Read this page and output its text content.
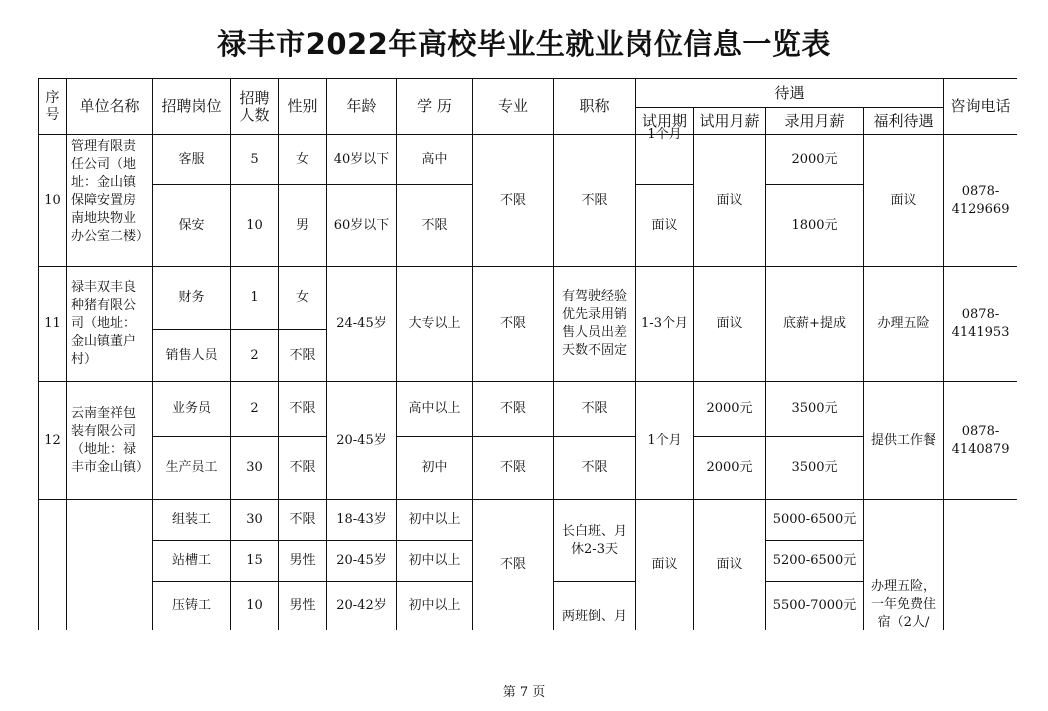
禄丰市2022年高校毕业生就业岗位信息一览表
序号	单位名称	招聘岗位	招聘人数	性别	年龄	学 历	专业	职称	待遇				咨询电话
									试用期	试用月薪	录用月薪	福利待遇	
10	管理有限责任公司（地址：金山镇保障安置房南地块物业办公室二楼）	客服	5	女	40岁以下	高中	不限	不限	1个月	面议	2000元	面议	0878-4129669
		保安	10	男	60岁以下	不限			面议		1800元		
11	禄丰双丰良种猪有限公司（地址：金山镇董户村）	财务	1	女	24-45岁	大专以上	不限	有驾驶经验优先录用销售人员出差天数不固定	1-3个月	面议	底薪+提成	办理五险	0878-4141953
		销售人员	2	不限									
12	云南奎祥包装有限公司（地址：禄丰市金山镇）	业务员	2	不限	20-45岁	高中以上	不限	不限	1个月	2000元	3500元	提供工作餐	0878-4140879
		生产员工	30	不限		初中	不限	不限		2000元	3500元		
		组装工	30	不限	18-43岁	初中以上	不限	长白班、月休2-3天	面议	面议	5000-6500元	办理五险，一年免费住宿（2人/	
		站槽工	15	男性	20-45岁	初中以上					5200-6500元		
		压铸工	10	男性	20-42岁	初中以上		两班倒、月			5500-7000元		

第 7 页
